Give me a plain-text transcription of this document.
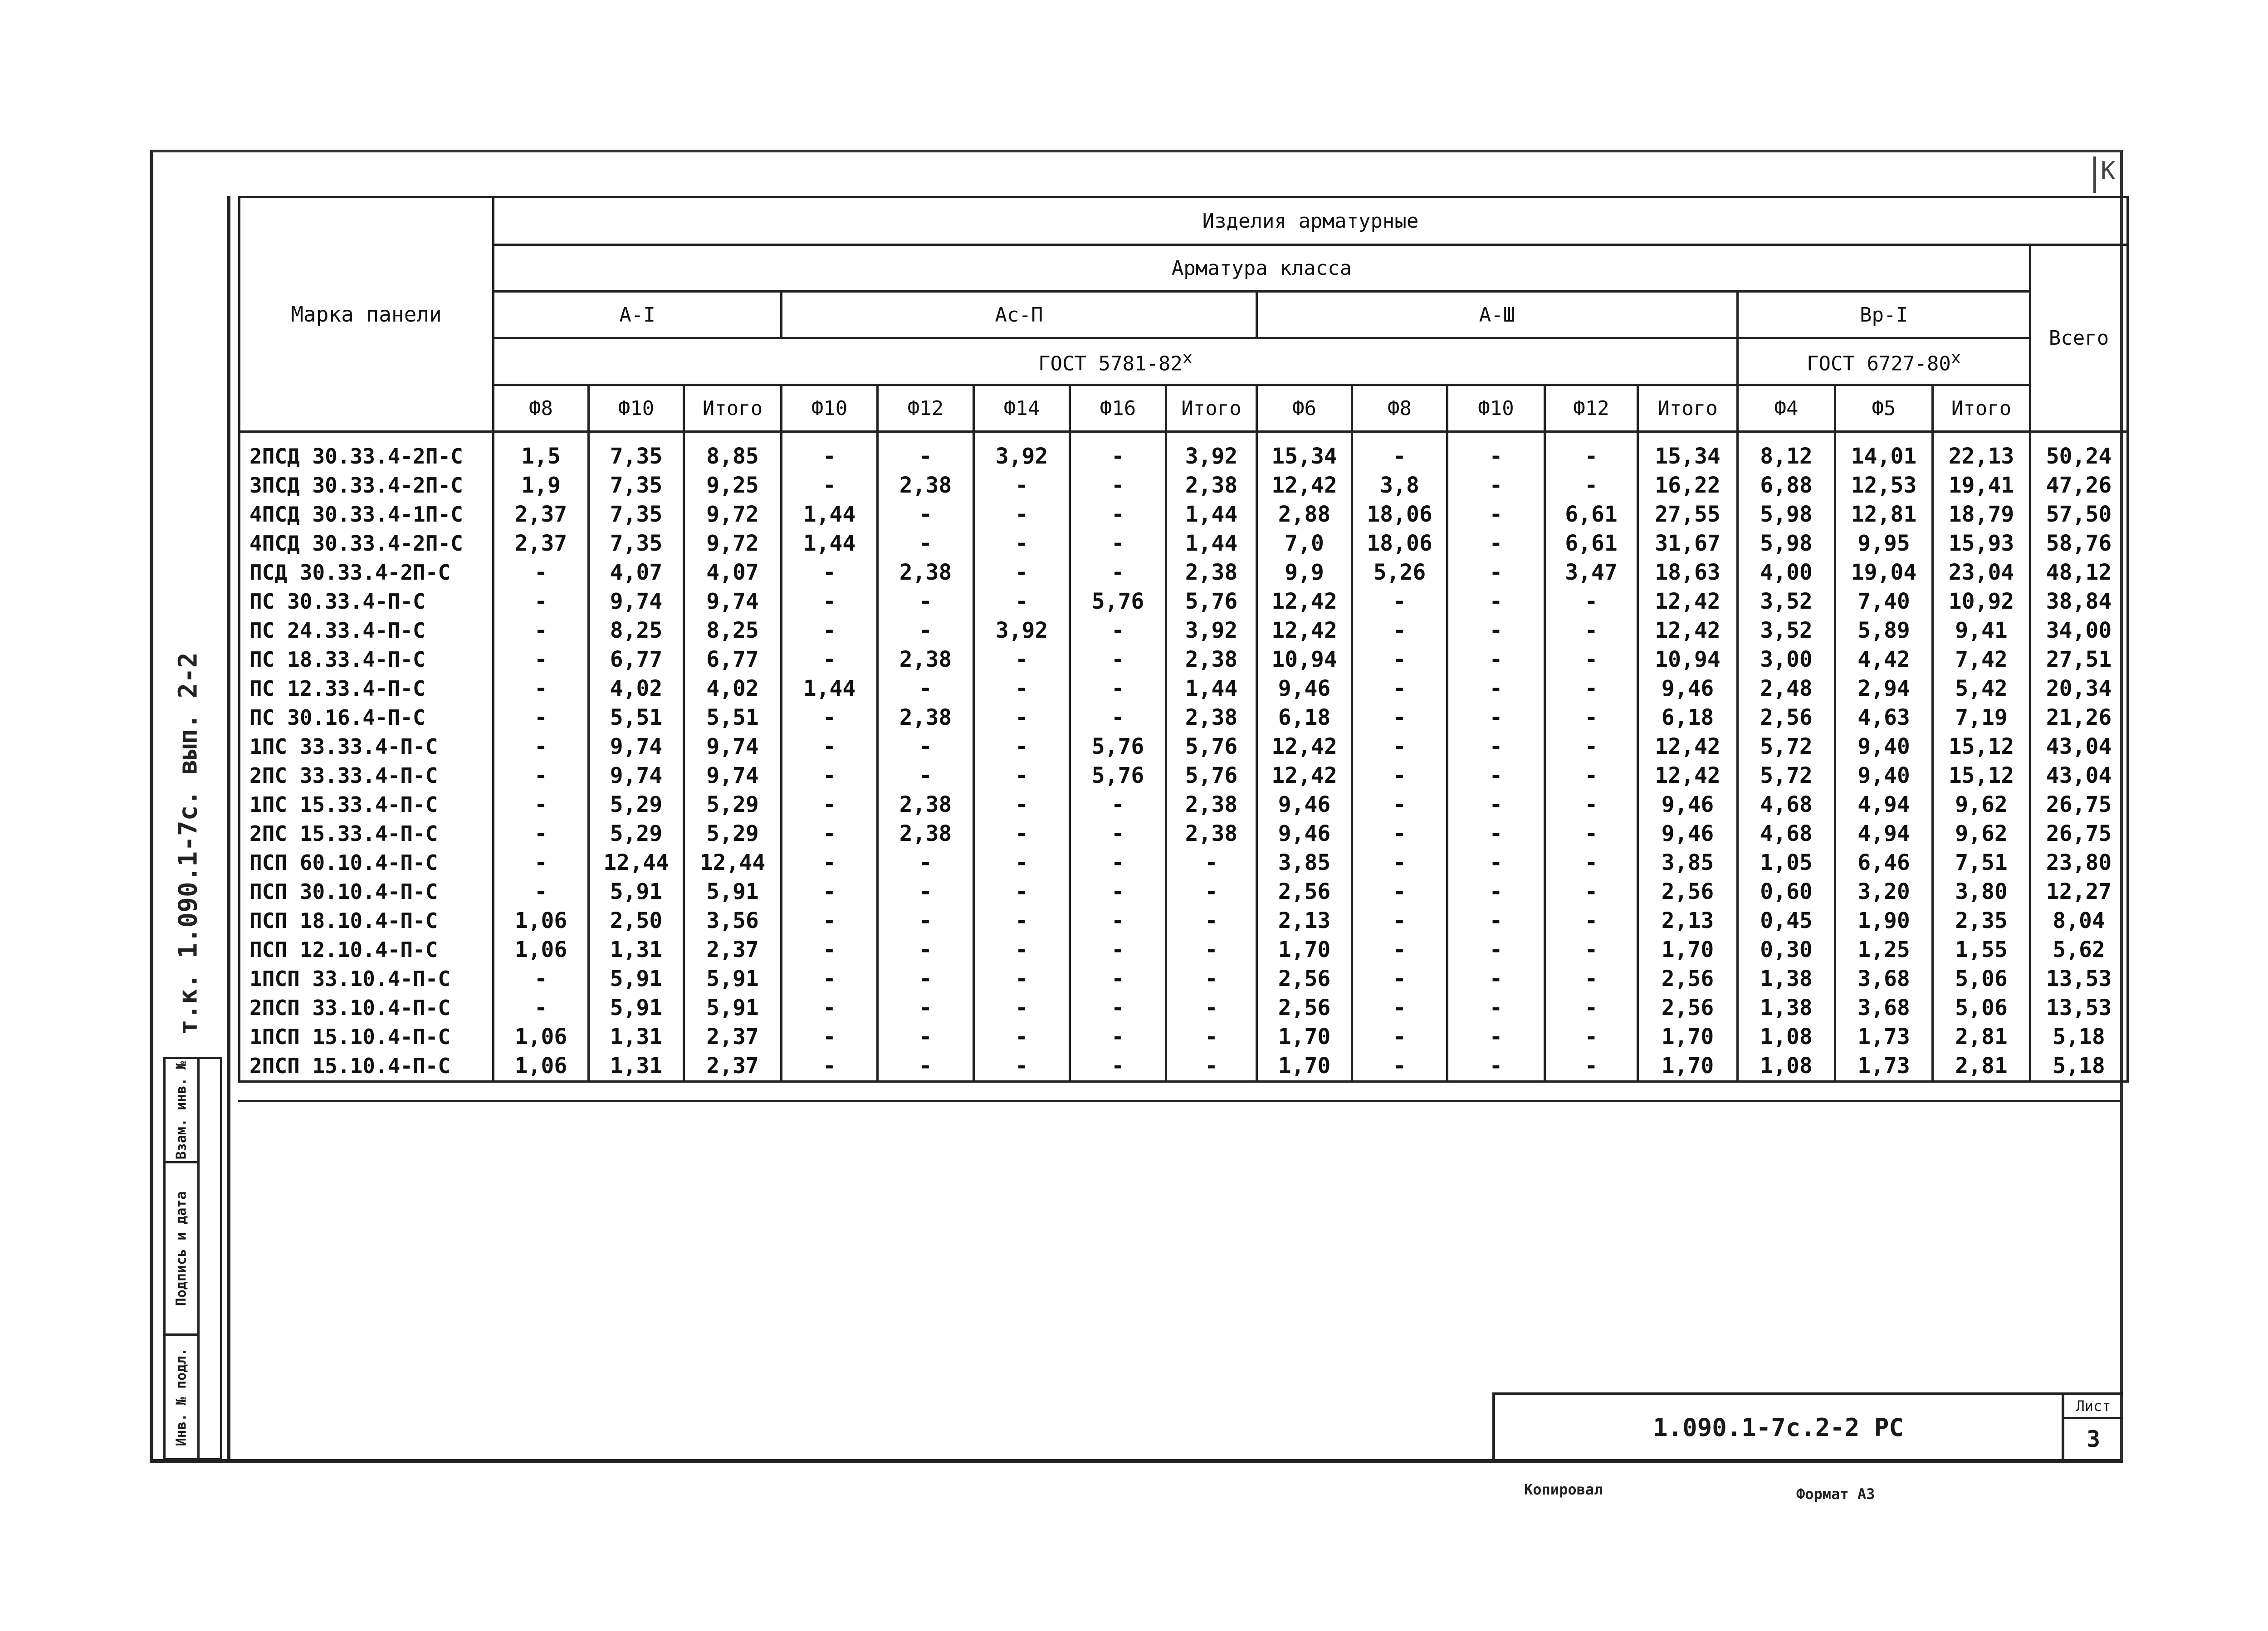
K
Марка панели	Изделия арматурные																
	Арматура класса																Всего
	А-I			Ас-П					А-Ш					Вр-I			
	ГОСТ $5781-82^х$													ГОСТ $6727-80^х$
	Ф8	Ф10	Итого	Ф10	Ф12	Ф14	Ф16	Итого	Ф6	Ф8	Ф10	Ф12	Итого	Ф4	Ф5	Итого	
2ПСД 30.33.4-2П-С	1,5	7,35	8,85	-	-	3,92	-	3,92	15,34	-	-	-	15,34	8,12	14,01	22,13	50,24
3ПСД 30.33.4-2П-С	1,9	7,35	9,25	-	2,38	-	-	2,38	12,42	3,8	-	-	16,22	6,88	12,53	19,41	47,26
4ПСД 30.33.4-1П-С	2,37	7,35	9,72	1,44	-	-	-	1,44	2,88	18,06	-	6,61	27,55	5,98	12,81	18,79	57,50
4ПСД 30.33.4-2П-С	2,37	7,35	9,72	1,44	-	-	-	1,44	7,0	18,06	-	6,61	31,67	5,98	9,95	15,93	58,76
ПСД 30.33.4-2П-С	-	4,07	4,07	-	2,38	-	-	2,38	9,9	5,26	-	3,47	18,63	4,00	19,04	23,04	48,12
ПС 30.33.4-П-С	-	9,74	9,74	-	-	-	5,76	5,76	12,42	-	-	-	12,42	3,52	7,40	10,92	38,84
ПС 24.33.4-П-С	-	8,25	8,25	-	-	3,92	-	3,92	12,42	-	-	-	12,42	3,52	5,89	9,41	34,00
ПС 18.33.4-П-С	-	6,77	6,77	-	2,38	-	-	2,38	10,94	-	-	-	10,94	3,00	4,42	7,42	27,51
ПС 12.33.4-П-С	-	4,02	4,02	1,44	-	-	-	1,44	9,46	-	-	-	9,46	2,48	2,94	5,42	20,34
ПС 30.16.4-П-С	-	5,51	5,51	-	2,38	-	-	2,38	6,18	-	-	-	6,18	2,56	4,63	7,19	21,26
1ПС 33.33.4-П-С	-	9,74	9,74	-	-	-	5,76	5,76	12,42	-	-	-	12,42	5,72	9,40	15,12	43,04
2ПС 33.33.4-П-С	-	9,74	9,74	-	-	-	5,76	5,76	12,42	-	-	-	12,42	5,72	9,40	15,12	43,04
1ПС 15.33.4-П-С	-	5,29	5,29	-	2,38	-	-	2,38	9,46	-	-	-	9,46	4,68	4,94	9,62	26,75
2ПС 15.33.4-П-С	-	5,29	5,29	-	2,38	-	-	2,38	9,46	-	-	-	9,46	4,68	4,94	9,62	26,75
ПСП 60.10.4-П-С	-	12,44	12,44	-	-	-	-	-	3,85	-	-	-	3,85	1,05	6,46	7,51	23,80
ПСП 30.10.4-П-С	-	5,91	5,91	-	-	-	-	-	2,56	-	-	-	2,56	0,60	3,20	3,80	12,27
ПСП 18.10.4-П-С	1,06	2,50	3,56	-	-	-	-	-	2,13	-	-	-	2,13	0,45	1,90	2,35	8,04
ПСП 12.10.4-П-С	1,06	1,31	2,37	-	-	-	-	-	1,70	-	-	-	1,70	0,30	1,25	1,55	5,62
1ПСП 33.10.4-П-С	-	5,91	5,91	-	-	-	-	-	2,56	-	-	-	2,56	1,38	3,68	5,06	13,53
2ПСП 33.10.4-П-С	-	5,91	5,91	-	-	-	-	-	2,56	-	-	-	2,56	1,38	3,68	5,06	13,53
1ПСП 15.10.4-П-С	1,06	1,31	2,37	-	-	-	-	-	1,70	-	-	-	1,70	1,08	1,73	2,81	5,18
2ПСП 15.10.4-П-С	1,06	1,31	2,37	-	-	-	-	-	1,70	-	-	-	1,70	1,08	1,73	2,81	5,18
т.к. 1.090.1-7с. вып. 2-2
Взам. инв. №
Подпись и дата
Инв. № подл.	1.090.1-7с.2-2 РС
Лист
3
Копировал	Формат А3
